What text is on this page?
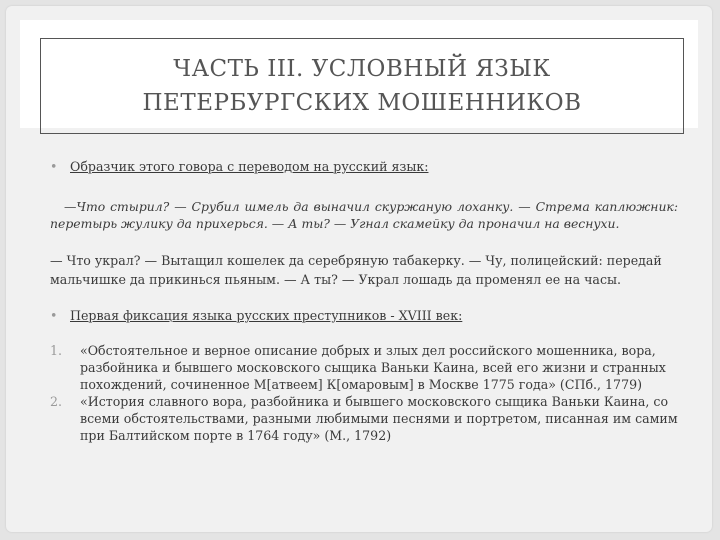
ЧАСТЬ III. УСЛОВНЫЙ ЯЗЫК
ПЕТЕРБУРГСКИХ МОШЕННИКОВ
• Образчик этого говора с переводом на русский язык:

—Что стырил? — Срубил шмель да выначил скуржаную лоханку. — Стрема каплюжник: перетырь жулику да прихерься. — А ты? — Угнал скамейку да проначил на веснухи.

— Что украл? — Вытащил кошелек да серебряную табакерку. — Чу, полицейский: передай мальчишке да прикинься пьяным. — А ты? — Украл лошадь да променял ее на часы.

• Первая фиксация языка русских преступников - XVIII век:
1. «Обстоятельное и верное описание добрых и злых дел российского мошенника, вора, разбойника и бывшего московского сыщика Ваньки Каина, всей его жизни и странных похождений, сочиненное М[атвеем] К[омаровым] в Москве 1775 года» (СПб., 1779)
2. «История славного вора, разбойника и бывшего московского сыщика Ваньки Каина, со всеми обстоятельствами, разными любимыми песнями и портретом, писанная им самим при Балтийском порте в 1764 году» (М., 1792)
